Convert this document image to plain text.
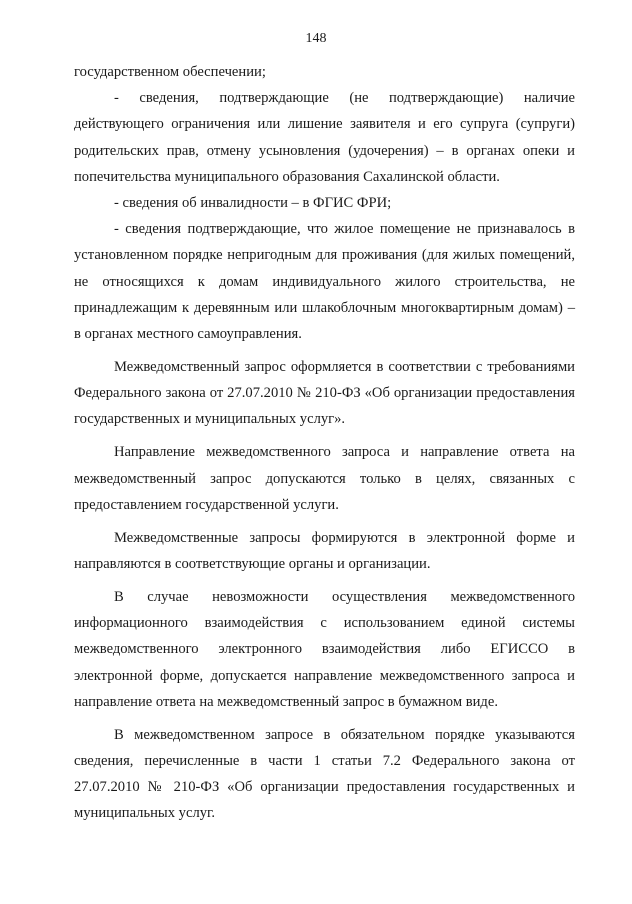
148

государственном обеспечении;

- сведения, подтверждающие (не подтверждающие) наличие действующего ограничения или лишение заявителя и его супруга (супруги) родительских прав, отмену усыновления (удочерения) – в органах опеки и попечительства муниципального образования Сахалинской области.

- сведения об инвалидности – в ФГИС ФРИ;

- сведения подтверждающие, что жилое помещение не признавалось в установленном порядке непригодным для проживания (для жилых помещений, не относящихся к домам индивидуального жилого строительства, не принадлежащим к деревянным или шлакоблочным многоквартирным домам) – в органах местного самоуправления.

Межведомственный запрос оформляется в соответствии с требованиями Федерального закона от 27.07.2010 № 210-ФЗ «Об организации предоставления государственных и муниципальных услуг».

Направление межведомственного запроса и направление ответа на межведомственный запрос допускаются только в целях, связанных с предоставлением государственной услуги.

Межведомственные запросы формируются в электронной форме и направляются в соответствующие органы и организации.

В случае невозможности осуществления межведомственного информационного взаимодействия с использованием единой системы межведомственного электронного взаимодействия либо ЕГИССО в электронной форме, допускается направление межведомственного запроса и направление ответа на межведомственный запрос в бумажном виде.

В межведомственном запросе в обязательном порядке указываются сведения, перечисленные в части 1 статьи 7.2 Федерального закона от 27.07.2010 № 210-ФЗ «Об организации предоставления государственных и муниципальных услуг.
